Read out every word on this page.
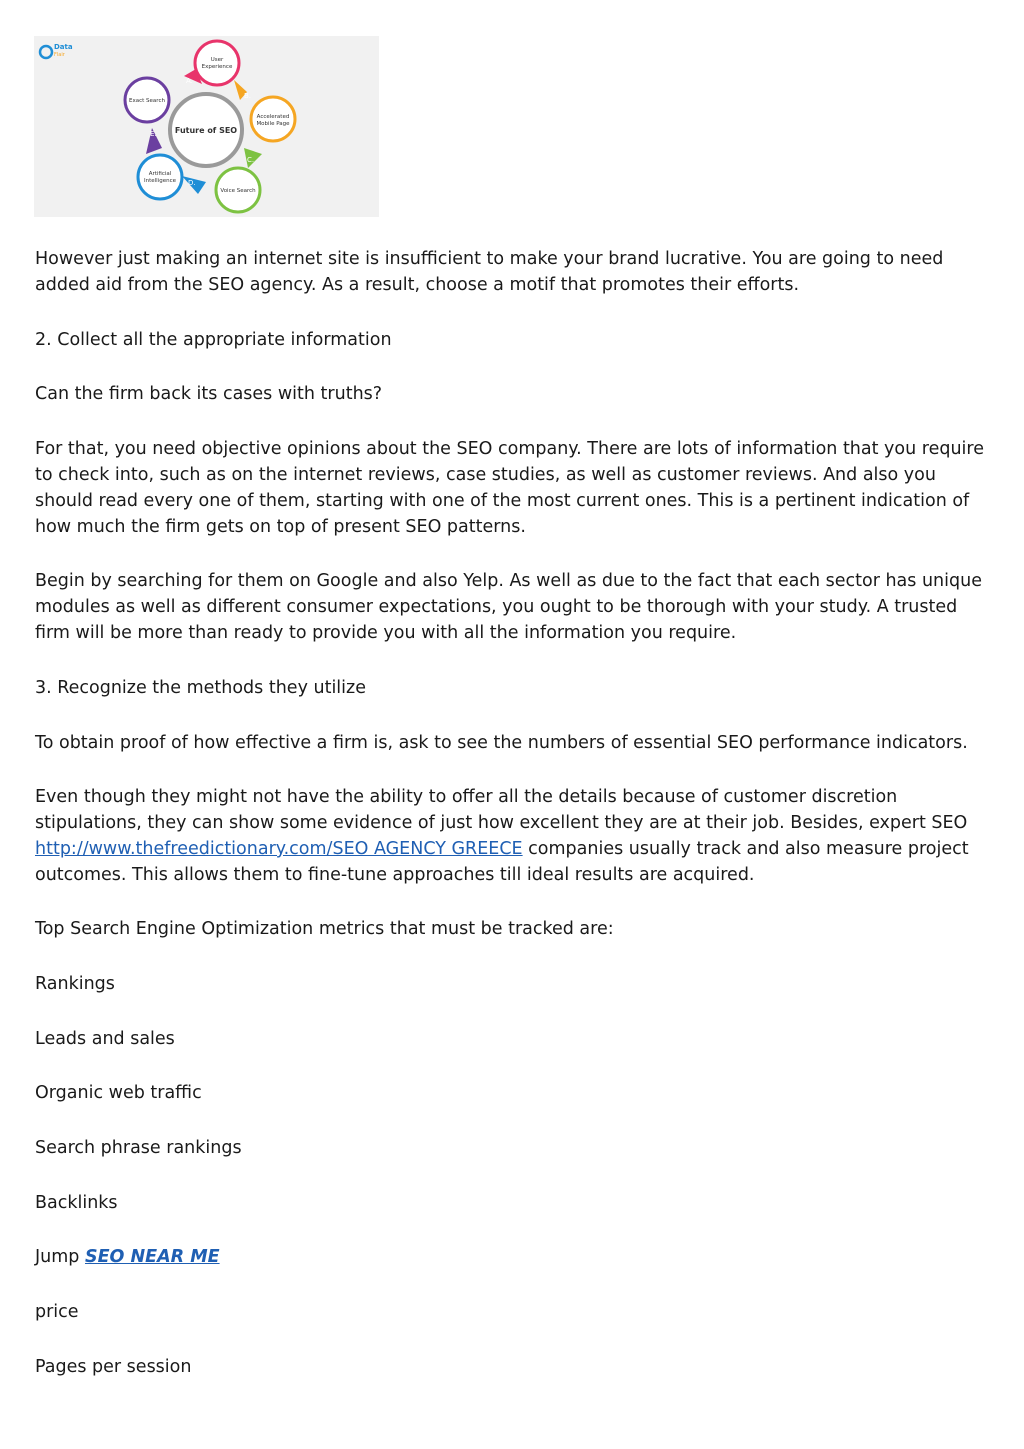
Data
Flair
Future of SEO
User
Experience
A.
Accelerated
Mobile Page
B.
Voice Search
C.
Artificial
Intelligence D.
Exact Search
E.

However just making an internet site is insufficient to make your brand lucrative. You are going to need added aid from the SEO agency. As a result, choose a motif that promotes their efforts.

2. Collect all the appropriate information

Can the firm back its cases with truths?

For that, you need objective opinions about the SEO company. There are lots of information that you require to check into, such as on the internet reviews, case studies, as well as customer reviews. And also you should read every one of them, starting with one of the most current ones. This is a pertinent indication of how much the firm gets on top of present SEO patterns.

Begin by searching for them on Google and also Yelp. As well as due to the fact that each sector has unique modules as well as different consumer expectations, you ought to be thorough with your study. A trusted firm will be more than ready to provide you with all the information you require.

3. Recognize the methods they utilize

To obtain proof of how effective a firm is, ask to see the numbers of essential SEO performance indicators.

Even though they might not have the ability to offer all the details because of customer discretion stipulations, they can show some evidence of just how excellent they are at their job. Besides, expert SEO http://www.thefreedictionary.com/SEO AGENCY GREECE companies usually track and also measure project outcomes. This allows them to fine-tune approaches till ideal results are acquired.

Top Search Engine Optimization metrics that must be tracked are:

Rankings

Leads and sales

Organic web traffic

Search phrase rankings

Backlinks

Jump SEO NEAR ME

price

Pages per session
